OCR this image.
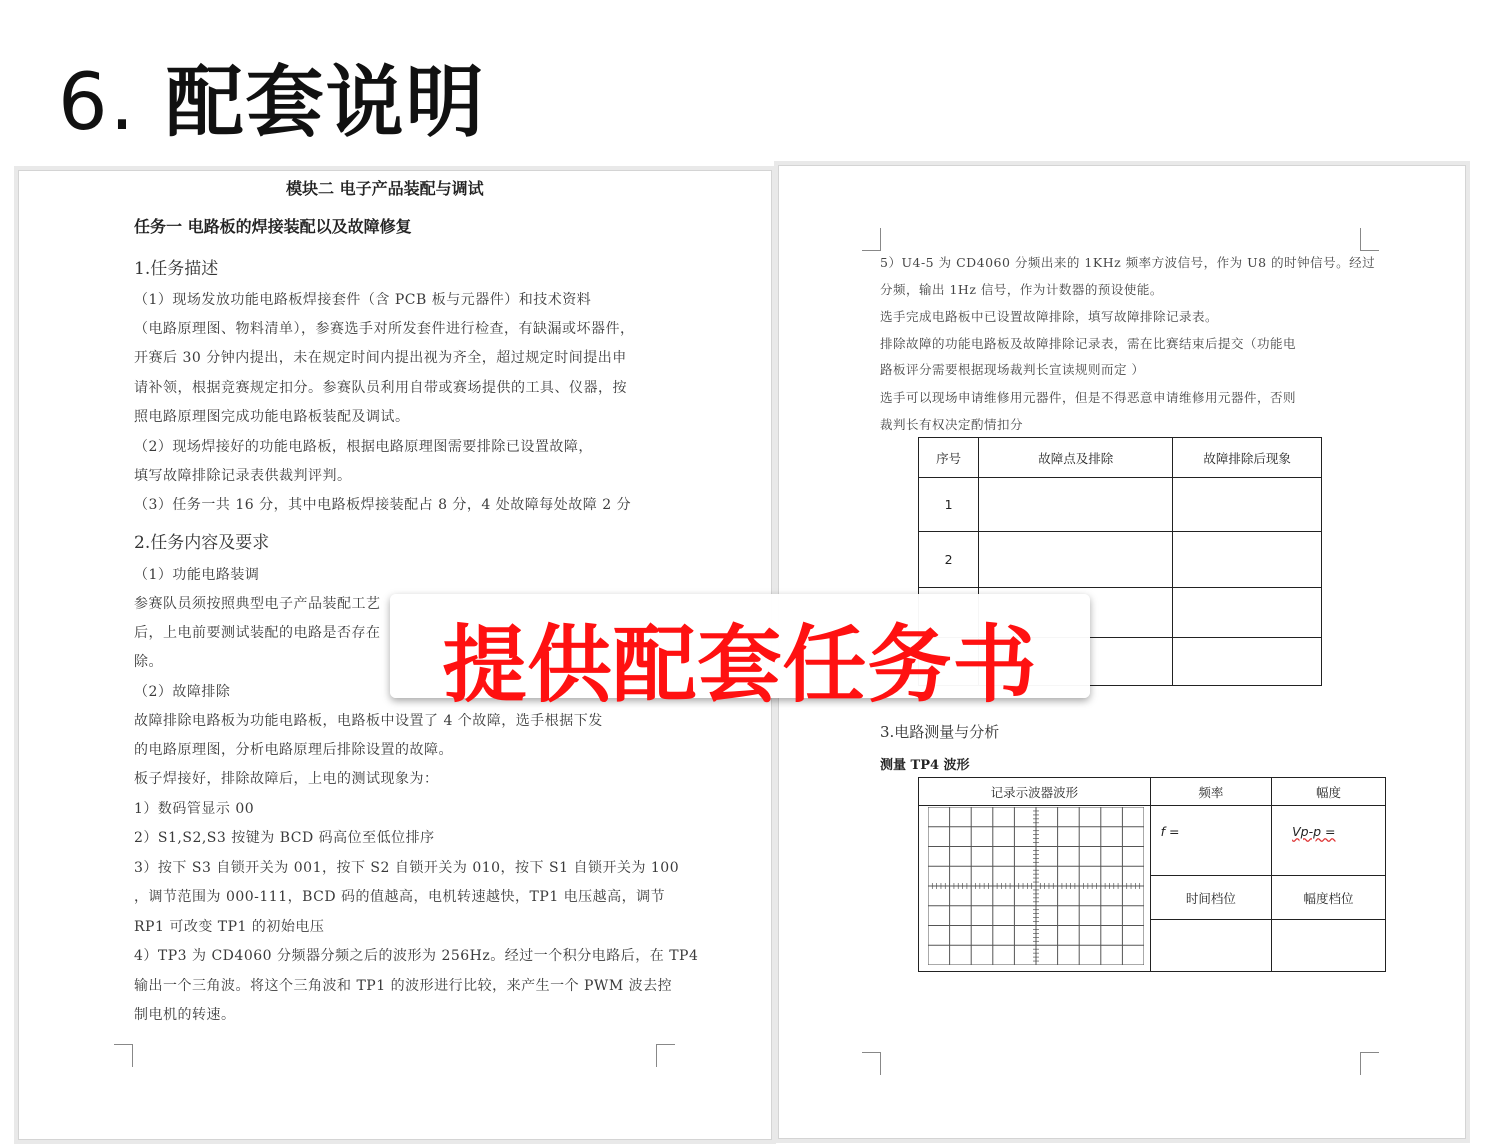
6. 配套说明
模块二 电子产品装配与调试
任务一 电路板的焊接装配以及故障修复
1.任务描述
（1）现场发放功能电路板焊接套件（含 PCB 板与元器件）和技术资料
（电路原理图、物料清单），参赛选手对所发套件进行检查，有缺漏或坏器件，
开赛后 30 分钟内提出，未在规定时间内提出视为齐全，超过规定时间提出申
请补领，根据竞赛规定扣分。参赛队员利用自带或赛场提供的工具、仪器，按
照电路原理图完成功能电路板装配及调试。
（2）现场焊接好的功能电路板，根据电路原理图需要排除已设置故障，
填写故障排除记录表供裁判评判。
（3）任务一共 16 分，其中电路板焊接装配占 8 分，4 处故障每处故障 2 分
2.任务内容及要求
（1）功能电路装调
参赛队员须按照典型电子产品装配工艺
后，上电前要测试装配的电路是否存在
除。
（2）故障排除
故障排除电路板为功能电路板，电路板中设置了 4 个故障，选手根据下发
的电路原理图，分析电路原理后排除设置的故障。
板子焊接好，排除故障后，上电的测试现象为：
1）数码管显示 00
2）S1,S2,S3 按键为 BCD 码高位至低位排序
3）按下 S3 自锁开关为 001，按下 S2 自锁开关为 010，按下 S1 自锁开关为 100
，调节范围为 000-111，BCD 码的值越高，电机转速越快，TP1 电压越高，调节
RP1 可改变 TP1 的初始电压
4）TP3 为 CD4060 分频器分频之后的波形为 256Hz。经过一个积分电路后，在 TP4
输出一个三角波。将这个三角波和 TP1 的波形进行比较，来产生一个 PWM 波去控
制电机的转速。
5）U4-5 为 CD4060 分频出来的 1KHz 频率方波信号，作为 U8 的时钟信号。经过
分频，输出 1Hz 信号，作为计数器的预设使能。
选手完成电路板中已设置故障排除，填写故障排除记录表。
排除故障的功能电路板及故障排除记录表，需在比赛结束后提交（功能电
路板评分需要根据现场裁判长宣读规则而定 ）
选手可以现场申请维修用元器件，但是不得恶意申请维修用元器件，否则
裁判长有权决定酌情扣分
序号	故障点及排除	故障排除后现象
1		
2		

3.电路测量与分析
测量 TP4 波形
记录示波器波形	频率	幅度
	f =	Vp-p =
	时间档位	幅度档位

提供配套任务书
